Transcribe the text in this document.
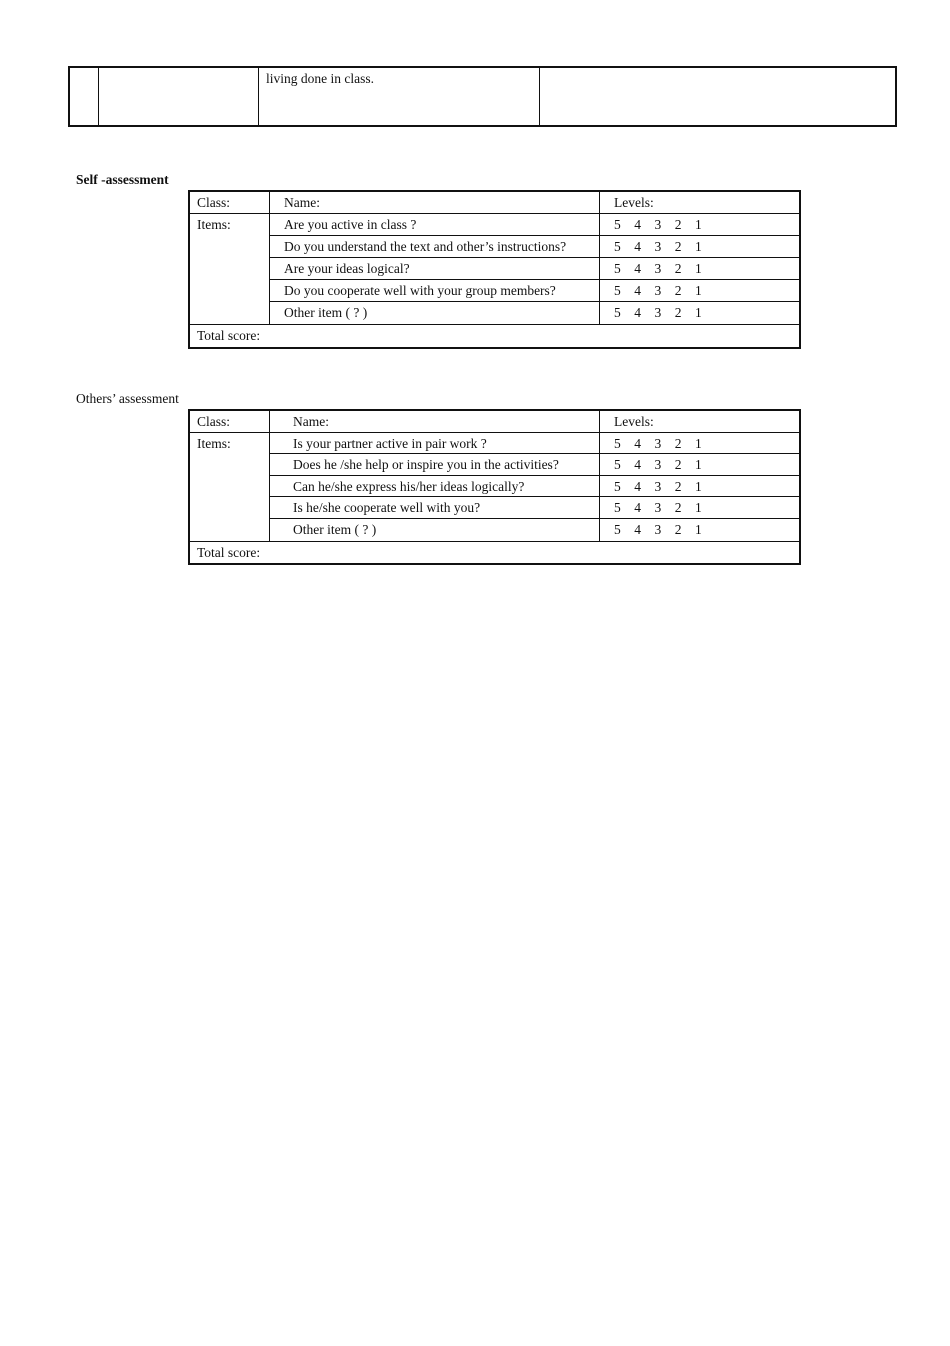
living done in class.
Self -assessment
Class:	Name:	Levels:
Items:	Are you active in class ?	5    4    3    2    1
Do you understand the text and other’s instructions?	5    4    3    2    1
Are your ideas logical?	5    4    3    2    1
Do you cooperate well with your group members?	5    4    3    2    1
Other item ( ? )	5    4    3    2    1
Total score:
Others’ assessment
Class:	Name:	Levels:
Items:	Is your partner active in pair work ?	5    4    3    2    1
Does he /she help or inspire you in the activities?	5    4    3    2    1
Can he/she express his/her ideas logically?	5    4    3    2    1
Is he/she cooperate well with you?	5    4    3    2    1
Other item ( ? )	5    4    3    2    1
Total score:
